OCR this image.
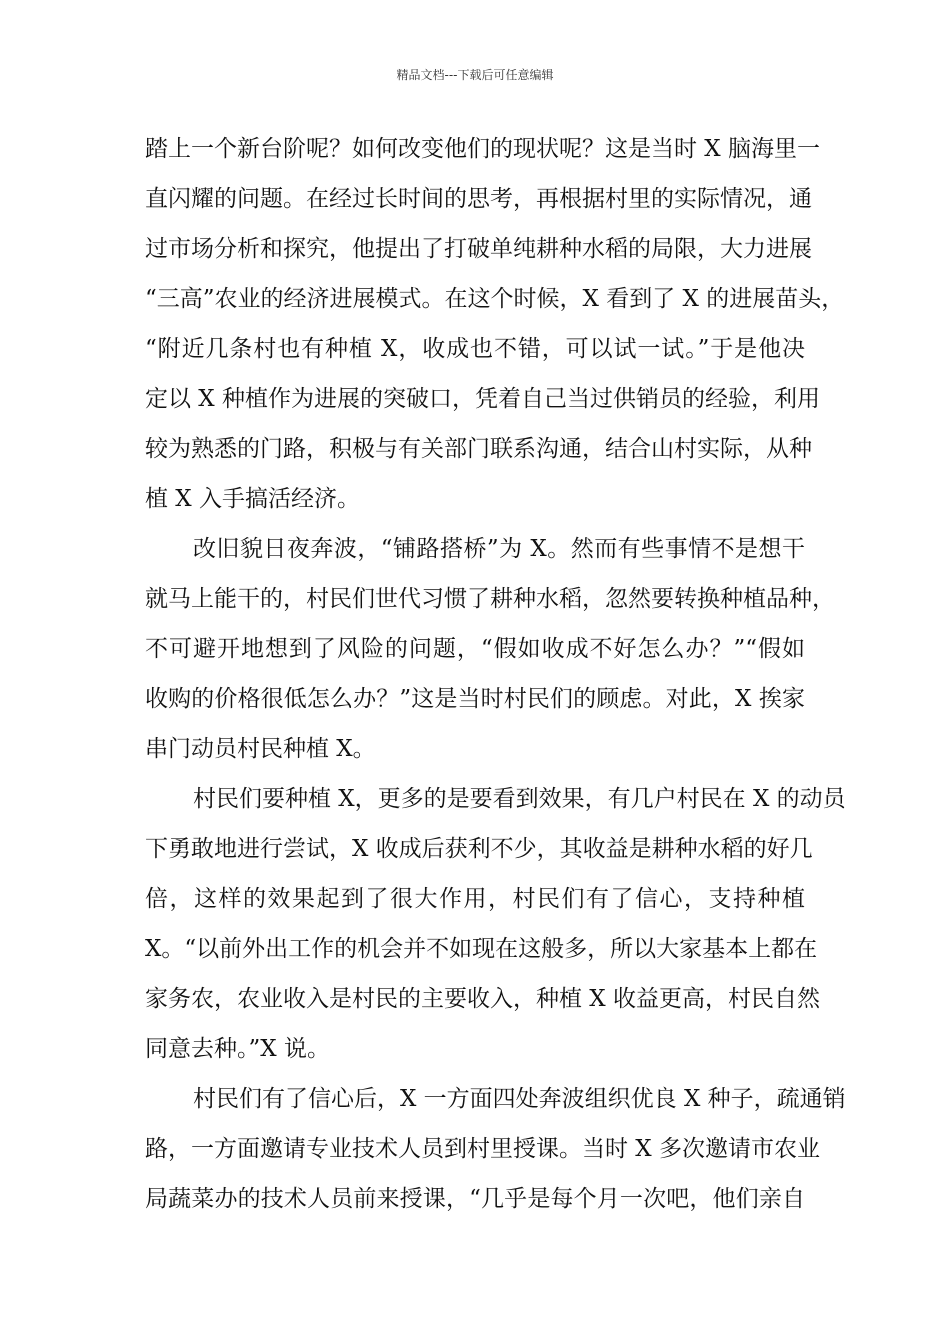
精品文档---下载后可任意编辑
踏上一个新台阶呢？如何改变他们的现状呢？这是当时 X 脑海里一
直闪耀的问题。在经过长时间的思考，再根据村里的实际情况，通
过市场分析和探究，他提出了打破单纯耕种水稻的局限，大力进展
“三高”农业的经济进展模式。在这个时候，X 看到了 X 的进展苗头，
“附近几条村也有种植 X，收成也不错，可以试一试。”于是他决
定以 X 种植作为进展的突破口，凭着自己当过供销员的经验，利用
较为熟悉的门路，积极与有关部门联系沟通，结合山村实际，从种
植 X 入手搞活经济。
改旧貌日夜奔波，“铺路搭桥”为 X。然而有些事情不是想干
就马上能干的，村民们世代习惯了耕种水稻，忽然要转换种植品种，
不可避开地想到了风险的问题，“假如收成不好怎么办？”“假如
收购的价格很低怎么办？”这是当时村民们的顾虑。对此，X 挨家
串门动员村民种植 X。
村民们要种植 X，更多的是要看到效果，有几户村民在 X 的动员
下勇敢地进行尝试，X 收成后获利不少，其收益是耕种水稻的好几
倍，这样的效果起到了很大作用，村民们有了信心，支持种植
X。“以前外出工作的机会并不如现在这般多，所以大家基本上都在
家务农，农业收入是村民的主要收入，种植 X 收益更高，村民自然
同意去种。”X 说。
村民们有了信心后，X 一方面四处奔波组织优良 X 种子，疏通销
路，一方面邀请专业技术人员到村里授课。当时 X 多次邀请市农业
局蔬菜办的技术人员前来授课，“几乎是每个月一次吧，他们亲自
